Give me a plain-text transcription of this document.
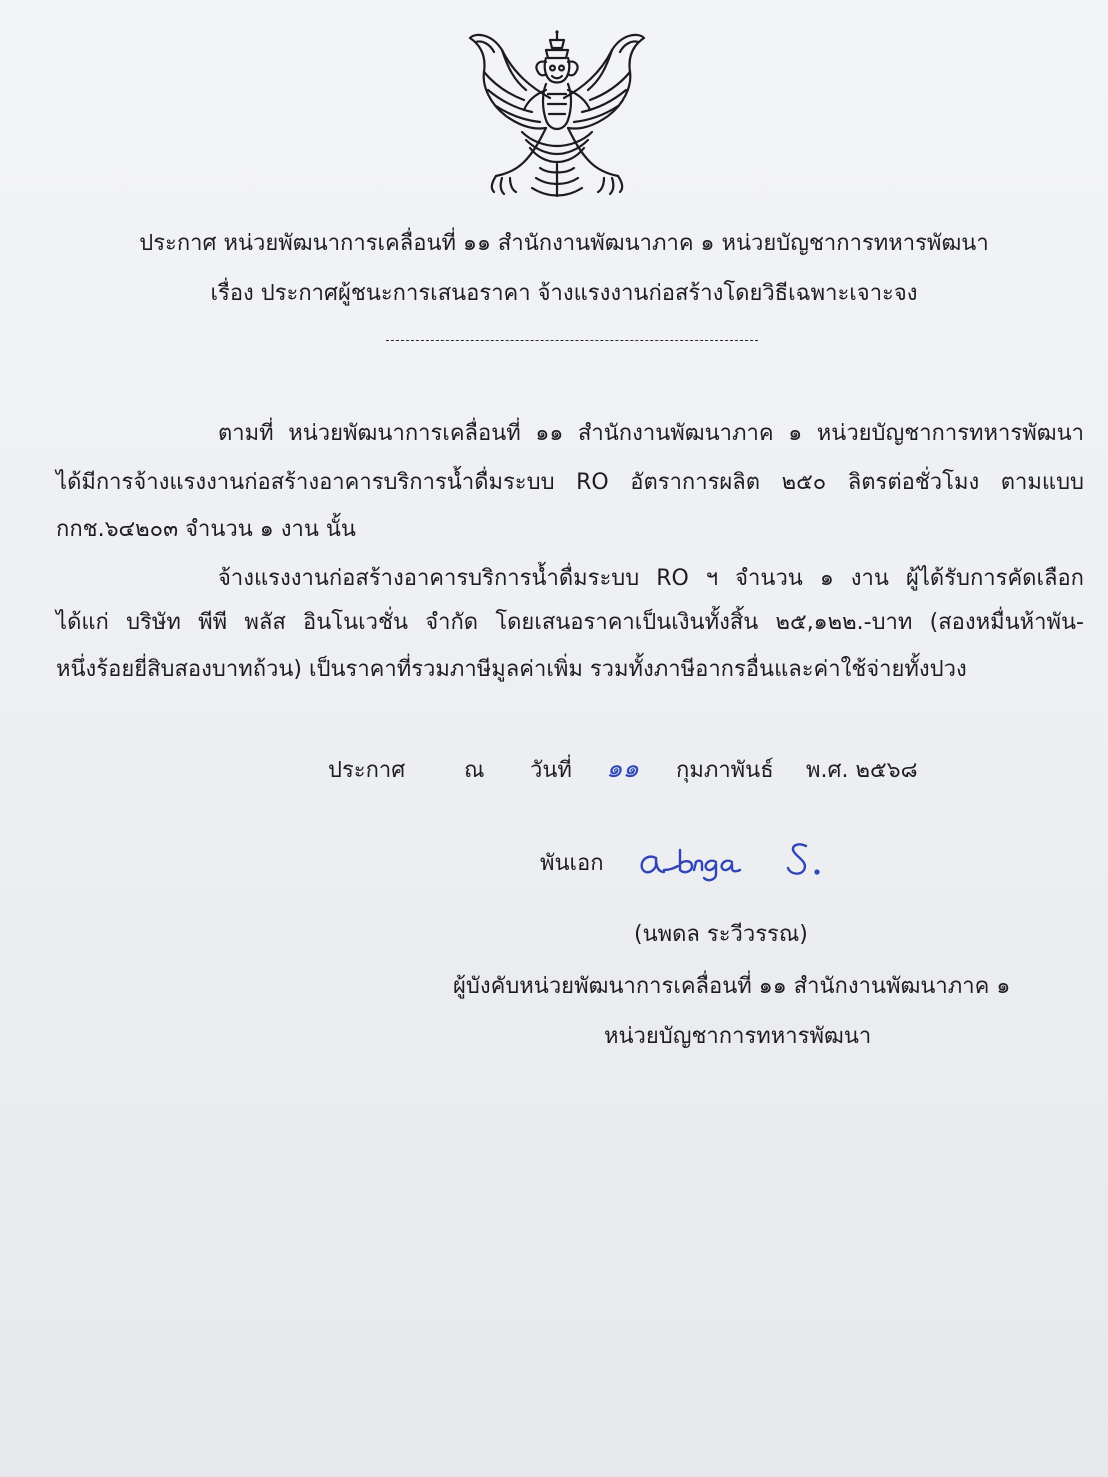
ประกาศ หน่วยพัฒนาการเคลื่อนที่ ๑๑ สำนักงานพัฒนาภาค ๑ หน่วยบัญชาการทหารพัฒนา
เรื่อง ประกาศผู้ชนะการเสนอราคา จ้างแรงงานก่อสร้างโดยวิธีเฉพาะเจาะจง
ตามที่ หน่วยพัฒนาการเคลื่อนที่ ๑๑ สำนักงานพัฒนาภาค ๑ หน่วยบัญชาการทหารพัฒนา
ได้มีการจ้างแรงงานก่อสร้างอาคารบริการน้ำดื่มระบบ RO อัตราการผลิต ๒๕๐ ลิตรต่อชั่วโมง ตามแบบ
กกช.๖๔๒๐๓ จำนวน ๑ งาน นั้น
จ้างแรงงานก่อสร้างอาคารบริการน้ำดื่มระบบ RO ฯ จำนวน ๑ งาน ผู้ได้รับการคัดเลือก
ได้แก่ บริษัท พีพี พลัส อินโนเวชั่น จำกัด โดยเสนอราคาเป็นเงินทั้งสิ้น ๒๕,๑๒๒.-บาท (สองหมื่นห้าพัน-
หนึ่งร้อยยี่สิบสองบาทถ้วน) เป็นราคาที่รวมภาษีมูลค่าเพิ่ม รวมทั้งภาษีอากรอื่นและค่าใช้จ่ายทั้งปวง
ประกาศ	ณ วันที่ ๑๑ กุมภาพันธ์ พ.ศ. ๒๕๖๘
พันเอก
(นพดล ระวีวรรณ)
ผู้บังคับหน่วยพัฒนาการเคลื่อนที่ ๑๑ สำนักงานพัฒนาภาค ๑
หน่วยบัญชาการทหารพัฒนา
